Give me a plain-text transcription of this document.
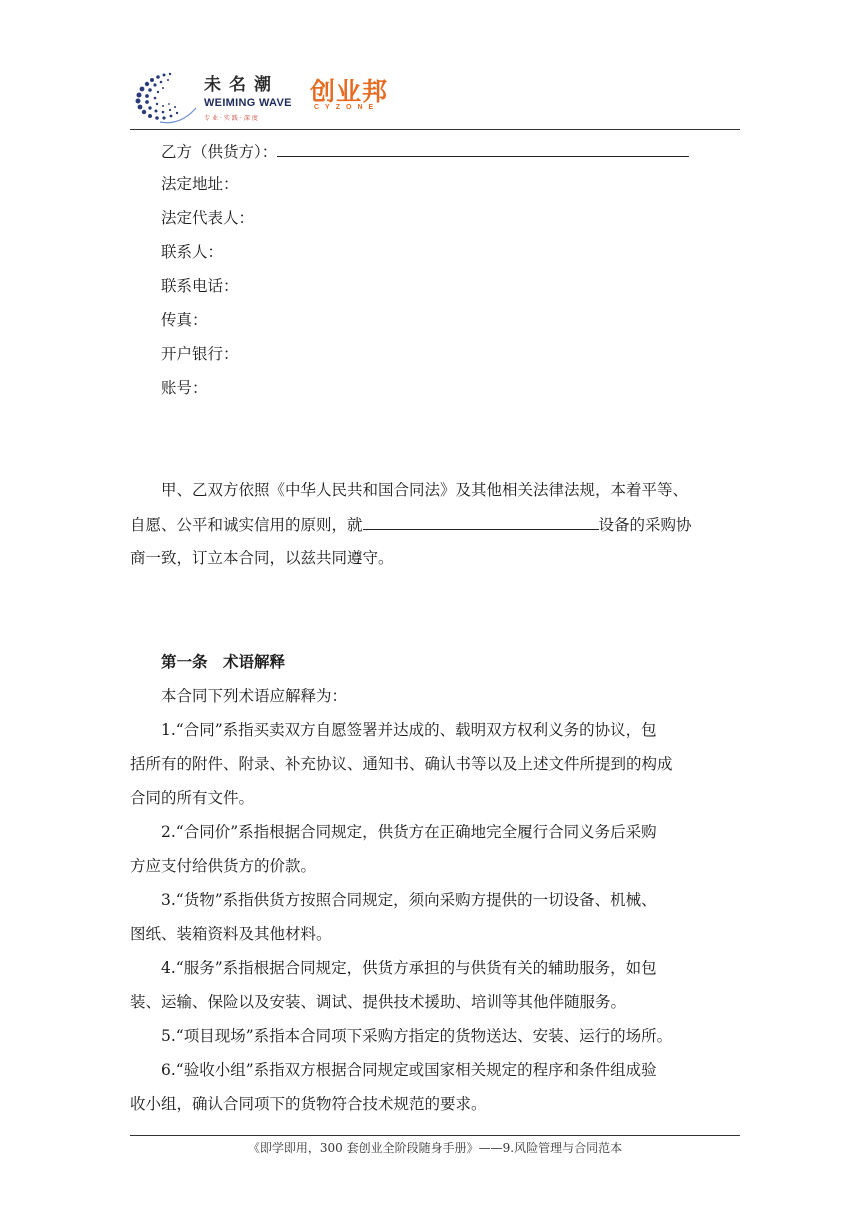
未名潮
WEIMING WAVE
专业·实践·深度
创业邦
CYZONE
乙方（供货方）：
法定地址：
法定代表人：
联系人：
联系电话：
传真：
开户银行：
账号：
甲、乙双方依照《中华人民共和国合同法》及其他相关法律法规，本着平等、
自愿、公平和诚实信用的原则，就	设备的采购协
商一致，订立本合同，以兹共同遵守。
第一条　术语解释
本合同下列术语应解释为：
1.“合同”系指买卖双方自愿签署并达成的、载明双方权利义务的协议，包
括所有的附件、附录、补充协议、通知书、确认书等以及上述文件所提到的构成
合同的所有文件。
2.“合同价”系指根据合同规定，供货方在正确地完全履行合同义务后采购
方应支付给供货方的价款。
3.“货物”系指供货方按照合同规定，须向采购方提供的一切设备、机械、
图纸、装箱资料及其他材料。
4.“服务”系指根据合同规定，供货方承担的与供货有关的辅助服务，如包
装、运输、保险以及安装、调试、提供技术援助、培训等其他伴随服务。
5.“项目现场”系指本合同项下采购方指定的货物送达、安装、运行的场所。
6.“验收小组”系指双方根据合同规定或国家相关规定的程序和条件组成验
收小组，确认合同项下的货物符合技术规范的要求。
《即学即用，300 套创业全阶段随身手册》——9.风险管理与合同范本
